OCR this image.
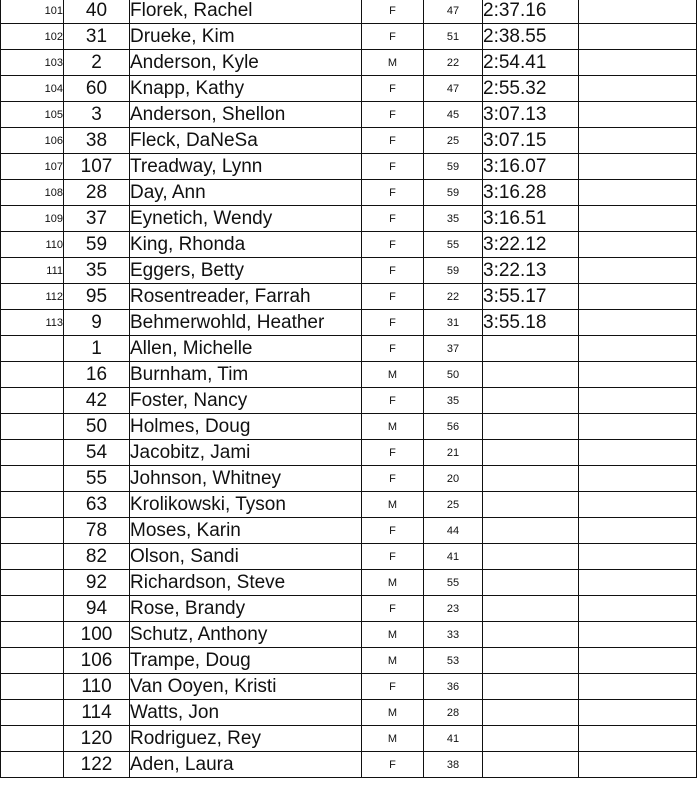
101	40	Florek, Rachel	F	47	2:37.16	
102	31	Drueke, Kim	F	51	2:38.55	
103	2	Anderson, Kyle	M	22	2:54.41	
104	60	Knapp, Kathy	F	47	2:55.32	
105	3	Anderson, Shellon	F	45	3:07.13	
106	38	Fleck, DaNeSa	F	25	3:07.15	
107	107	Treadway, Lynn	F	59	3:16.07	
108	28	Day, Ann	F	59	3:16.28	
109	37	Eynetich, Wendy	F	35	3:16.51	
110	59	King, Rhonda	F	55	3:22.12	
111	35	Eggers, Betty	F	59	3:22.13	
112	95	Rosentreader, Farrah	F	22	3:55.17	
113	9	Behmerwohld, Heather	F	31	3:55.18	
	1	Allen, Michelle	F	37		
	16	Burnham, Tim	M	50		
	42	Foster, Nancy	F	35		
	50	Holmes, Doug	M	56		
	54	Jacobitz, Jami	F	21		
	55	Johnson, Whitney	F	20		
	63	Krolikowski, Tyson	M	25		
	78	Moses, Karin	F	44		
	82	Olson, Sandi	F	41		
	92	Richardson, Steve	M	55		
	94	Rose, Brandy	F	23		
	100	Schutz, Anthony	M	33		
	106	Trampe, Doug	M	53		
	110	Van Ooyen, Kristi	F	36		
	114	Watts, Jon	M	28		
	120	Rodriguez, Rey	M	41		
	122	Aden, Laura	F	38		
